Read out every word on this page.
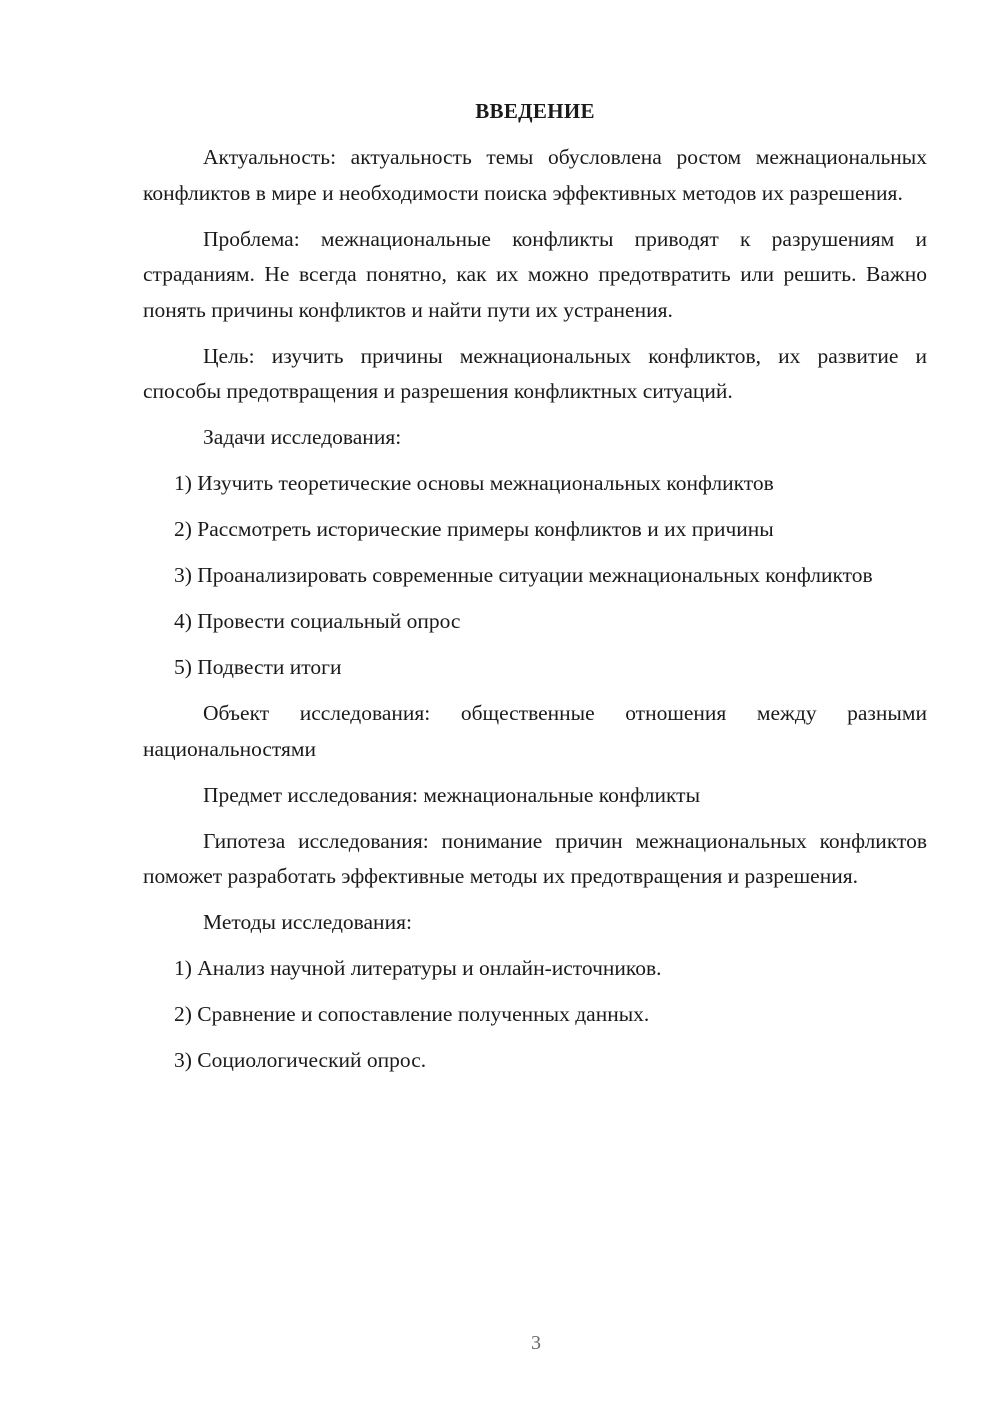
ВВЕДЕНИЕ

Актуальность: актуальность темы обусловлена ростом межнациональных конфликтов в мире и необходимости поиска эффективных методов их разрешения.

Проблема: межнациональные конфликты приводят к разрушениям и страданиям. Не всегда понятно, как их можно предотвратить или решить. Важно понять причины конфликтов и найти пути их устранения.

Цель: изучить причины межнациональных конфликтов, их развитие и способы предотвращения и разрешения конфликтных ситуаций.

Задачи исследования:

1) Изучить теоретические основы межнациональных конфликтов

2) Рассмотреть исторические примеры конфликтов и их причины

3) Проанализировать современные ситуации межнациональных конфликтов

4) Провести социальный опрос

5) Подвести итоги

Объект исследования: общественные отношения между разными национальностями

Предмет исследования: межнациональные конфликты

Гипотеза исследования: понимание причин межнациональных конфликтов поможет разработать эффективные методы их предотвращения и разрешения.

Методы исследования:

1) Анализ научной литературы и онлайн-источников.

2) Сравнение и сопоставление полученных данных.

3) Социологический опрос.

3
